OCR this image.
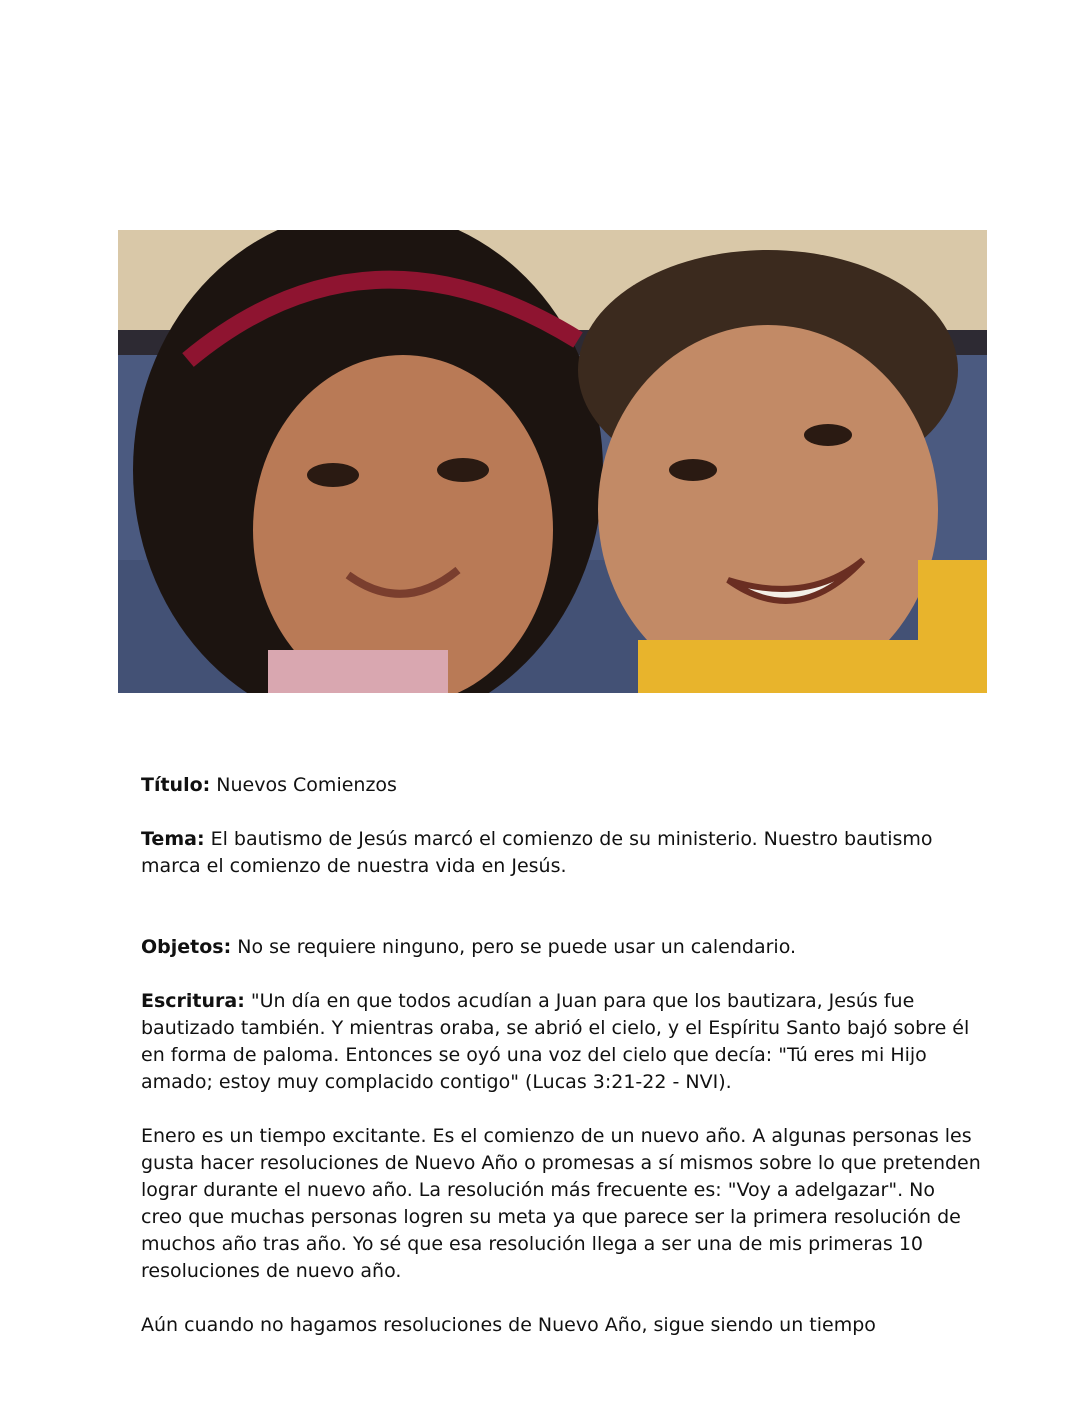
Título: Nuevos Comienzos

Tema: El bautismo de Jesús marcó el comienzo de su ministerio. Nuestro bautismo marca el comienzo de nuestra vida en Jesús.

Objetos: No se requiere ninguno, pero se puede usar un calendario.

Escritura: "Un día en que todos acudían a Juan para que los bautizara, Jesús fue bautizado también. Y mientras oraba, se abrió el cielo, y el Espíritu Santo bajó sobre él en forma de paloma. Entonces se oyó una voz del cielo que decía: "Tú eres mi Hijo amado; estoy muy complacido contigo" (Lucas 3:21-22 - NVI).

Enero es un tiempo excitante. Es el comienzo de un nuevo año. A algunas personas les gusta hacer resoluciones de Nuevo Año o promesas a sí mismos sobre lo que pretenden lograr durante el nuevo año. La resolución más frecuente es: "Voy a adelgazar". No creo que muchas personas logren su meta ya que parece ser la primera resolución de muchos año tras año. Yo sé que esa resolución llega a ser una de mis primeras 10 resoluciones de nuevo año.

Aún cuando no hagamos resoluciones de Nuevo Año, sigue siendo un tiempo
